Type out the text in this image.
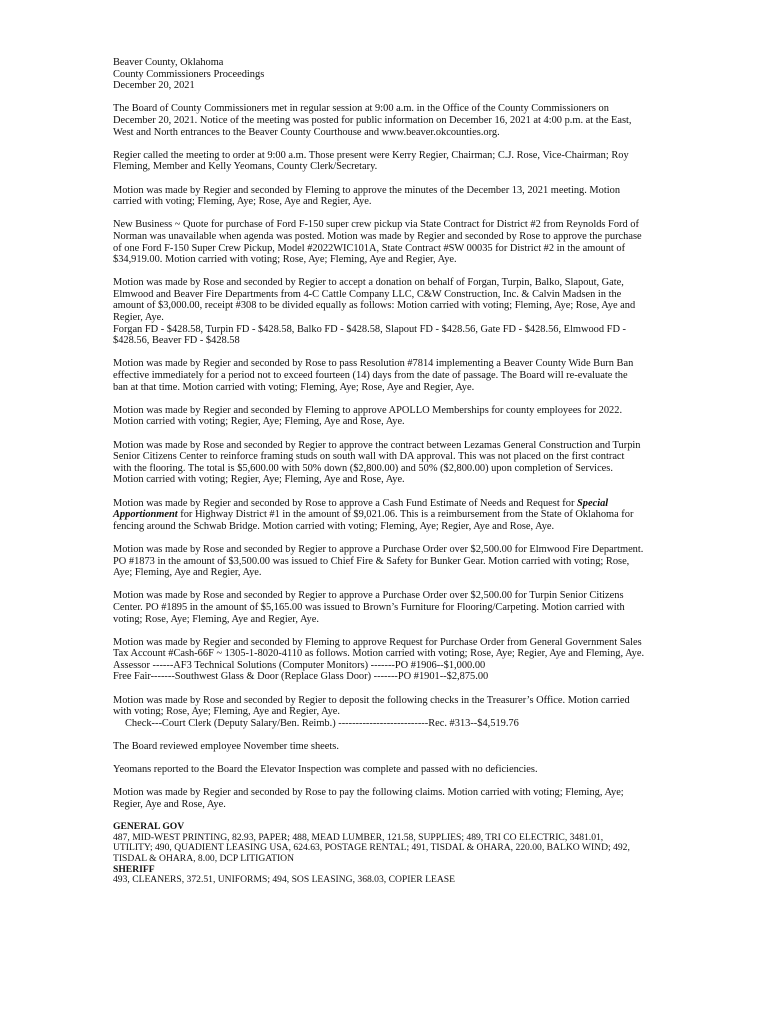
Beaver County, Oklahoma
County Commissioners Proceedings
December 20, 2021

The Board of County Commissioners met in regular session at 9:00 a.m. in the Office of the County Commissioners on December 20, 2021. Notice of the meeting was posted for public information on December 16, 2021 at 4:00 p.m. at the East, West and North entrances to the Beaver County Courthouse and www.beaver.okcounties.org.

Regier called the meeting to order at 9:00 a.m. Those present were Kerry Regier, Chairman; C.J. Rose, Vice-Chairman; Roy Fleming, Member and Kelly Yeomans, County Clerk/Secretary.

Motion was made by Regier and seconded by Fleming to approve the minutes of the December 13, 2021 meeting. Motion carried with voting; Fleming, Aye; Rose, Aye and Regier, Aye.

New Business ~ Quote for purchase of Ford F-150 super crew pickup via State Contract for District #2 from Reynolds Ford of Norman was unavailable when agenda was posted. Motion was made by Regier and seconded by Rose to approve the purchase of one Ford F-150 Super Crew Pickup, Model #2022WIC101A, State Contract #SW 00035 for District #2 in the amount of $34,919.00. Motion carried with voting; Rose, Aye; Fleming, Aye and Regier, Aye.

Motion was made by Rose and seconded by Regier to accept a donation on behalf of Forgan, Turpin, Balko, Slapout, Gate, Elmwood and Beaver Fire Departments from 4-C Cattle Company LLC, C&W Construction, Inc. & Calvin Madsen in the amount of $3,000.00, receipt #308 to be divided equally as follows: Motion carried with voting; Fleming, Aye; Rose, Aye and Regier, Aye.

Forgan FD - $428.58, Turpin FD - $428.58, Balko FD - $428.58, Slapout FD - $428.56, Gate FD - $428.56, Elmwood FD - $428.56, Beaver FD - $428.58

Motion was made by Regier and seconded by Rose to pass Resolution #7814 implementing a Beaver County Wide Burn Ban effective immediately for a period not to exceed fourteen (14) days from the date of passage. The Board will re-evaluate the ban at that time. Motion carried with voting; Fleming, Aye; Rose, Aye and Regier, Aye.

Motion was made by Regier and seconded by Fleming to approve APOLLO Memberships for county employees for 2022. Motion carried with voting; Regier, Aye; Fleming, Aye and Rose, Aye.

Motion was made by Rose and seconded by Regier to approve the contract between Lezamas General Construction and Turpin Senior Citizens Center to reinforce framing studs on south wall with DA approval. This was not placed on the first contract with the flooring. The total is $5,600.00 with 50% down ($2,800.00) and 50% ($2,800.00) upon completion of Services. Motion carried with voting; Regier, Aye; Fleming, Aye and Rose, Aye.

Motion was made by Regier and seconded by Rose to approve a Cash Fund Estimate of Needs and Request for Special Apportionment for Highway District #1 in the amount of $9,021.06. This is a reimbursement from the State of Oklahoma for fencing around the Schwab Bridge. Motion carried with voting; Fleming, Aye; Regier, Aye and Rose, Aye.

Motion was made by Rose and seconded by Regier to approve a Purchase Order over $2,500.00 for Elmwood Fire Department. PO #1873 in the amount of $3,500.00 was issued to Chief Fire & Safety for Bunker Gear. Motion carried with voting; Rose, Aye; Fleming, Aye and Regier, Aye.

Motion was made by Rose and seconded by Regier to approve a Purchase Order over $2,500.00 for Turpin Senior Citizens Center. PO #1895 in the amount of $5,165.00 was issued to Brown’s Furniture for Flooring/Carpeting. Motion carried with voting; Rose, Aye; Fleming, Aye and Regier, Aye.

Motion was made by Regier and seconded by Fleming to approve Request for Purchase Order from General Government Sales Tax Account #Cash-66F ~ 1305-1-8020-4110 as follows. Motion carried with voting; Rose, Aye; Regier, Aye and Fleming, Aye.

Assessor ------AF3 Technical Solutions (Computer Monitors) -------PO #1906--$1,000.00

Free Fair-------Southwest Glass & Door (Replace Glass Door) -------PO #1901--$2,875.00

Motion was made by Rose and seconded by Regier to deposit the following checks in the Treasurer’s Office. Motion carried with voting; Rose, Aye; Fleming, Aye and Regier, Aye.

Check---Court Clerk (Deputy Salary/Ben. Reimb.) --------------------------Rec. #313--$4,519.76

The Board reviewed employee November time sheets.

Yeomans reported to the Board the Elevator Inspection was complete and passed with no deficiencies.

Motion was made by Regier and seconded by Rose to pay the following claims. Motion carried with voting; Fleming, Aye; Regier, Aye and Rose, Aye.

GENERAL GOV
487, MID-WEST PRINTING, 82.93, PAPER; 488, MEAD LUMBER, 121.58, SUPPLIES; 489, TRI CO ELECTRIC, 3481.01, UTILITY; 490, QUADIENT LEASING USA, 624.63, POSTAGE RENTAL; 491, TISDAL & OHARA, 220.00, BALKO WIND; 492, TISDAL & OHARA, 8.00, DCP LITIGATION
SHERIFF
493, CLEANERS, 372.51, UNIFORMS; 494, SOS LEASING, 368.03, COPIER LEASE
